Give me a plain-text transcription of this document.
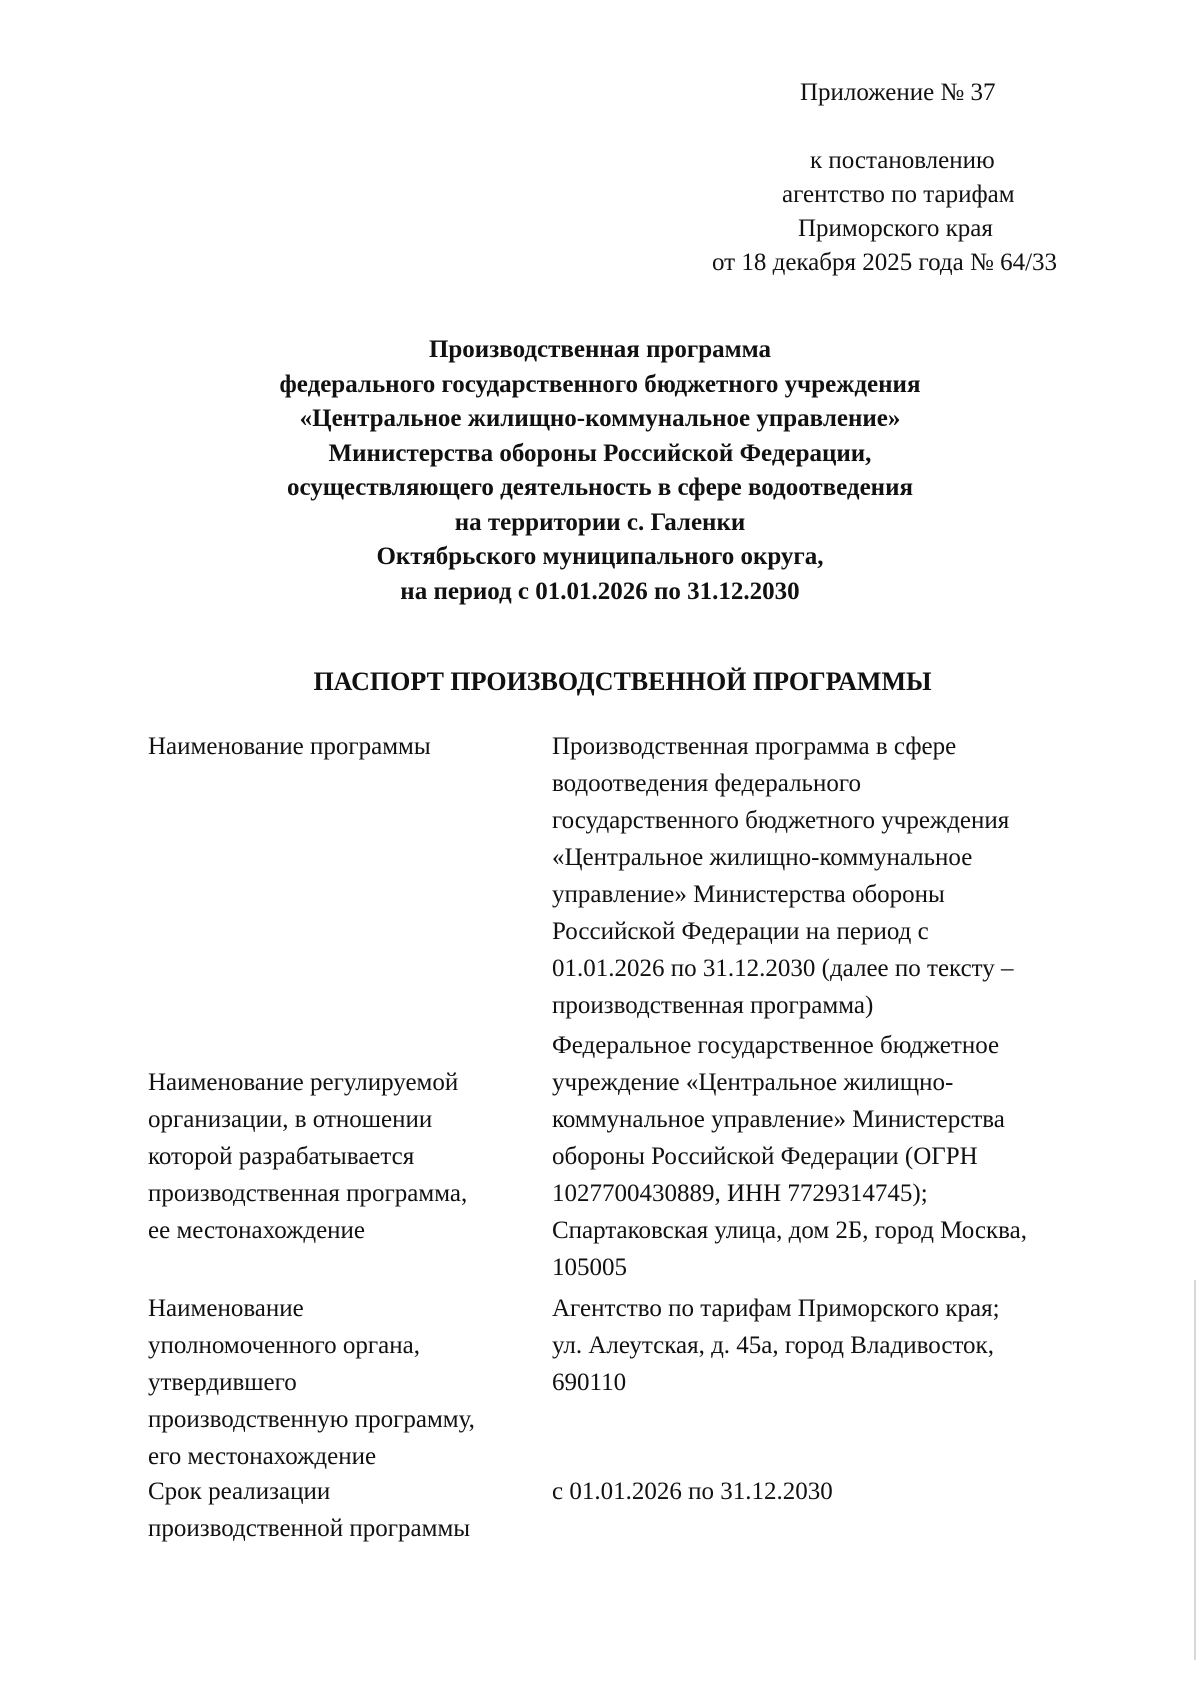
Приложение № 37
к постановлению
агентство по тарифам
Приморского края
от 18 декабря 2025 года № 64/33
Производственная программа
федерального государственного бюджетного учреждения
«Центральное жилищно-коммунальное управление»
Министерства обороны Российской Федерации,
осуществляющего деятельность в сфере водоотведения
на территории с. Галенки
Октябрьского муниципального округа,
на период с 01.01.2026 по 31.12.2030
ПАСПОРТ ПРОИЗВОДСТВЕННОЙ ПРОГРАММЫ
Наименование программы	Производственная программа в сфере
водоотведения федерального
государственного бюджетного учреждения
«Центральное жилищно-коммунальное
управление» Министерства обороны
Российской Федерации на период с
01.01.2026 по 31.12.2030 (далее по тексту –
производственная программа)
Наименование регулируемой
организации, в отношении
которой разрабатывается
производственная программа,
ее местонахождение
Федеральное государственное бюджетное
учреждение «Центральное жилищно-
коммунальное управление» Министерства
обороны Российской Федерации (ОГРН
1027700430889, ИНН 7729314745);
Спартаковская улица, дом 2Б, город Москва,
105005
Наименование
уполномоченного органа,
утвердившего
производственную программу,
его местонахождение
Агентство по тарифам Приморского края;
ул. Алеутская, д. 45а, город Владивосток,
690110
Срок реализации
производственной программы
с 01.01.2026 по 31.12.2030
